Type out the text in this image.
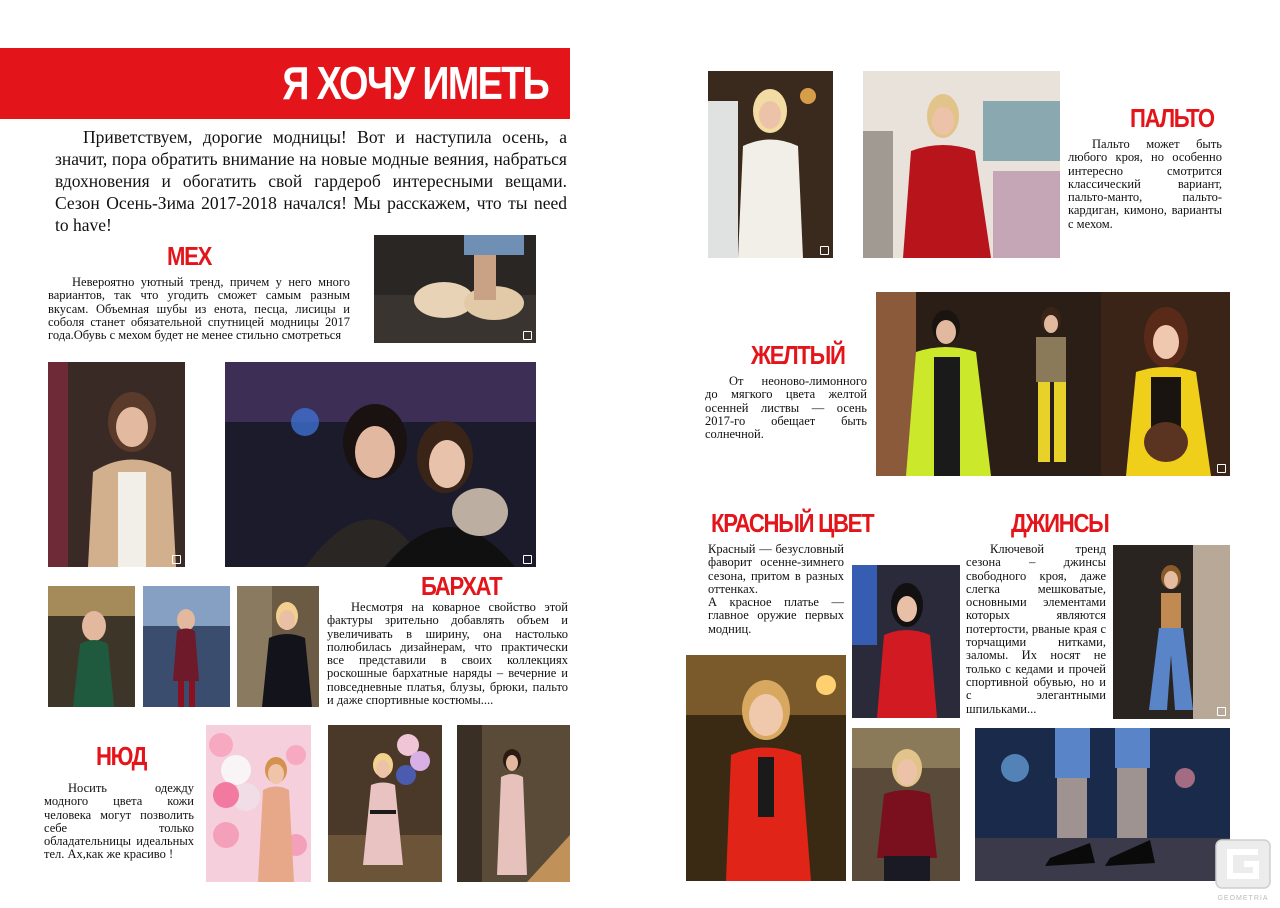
Я ХОЧУ ИМЕТЬ

Приветствуем, дорогие модницы! Вот и наступила осень, а значит, пора обратить внимание на новые модные веяния, набраться вдохновения и обогатить свой гардероб интересными вещами. Сезон Осень-Зима 2017-2018 начался! Мы расскажем, что ты need to have!

МЕХ

Невероятно уютный тренд, причем у него много вариантов, так что угодить сможет самым разным вкусам. Объемная шубы из енота, песца, лисицы и соболя станет обязательной спутницей модницы 2017 года.Обувь с мехом будет не менее стильно смотреться

БАРХАТ

Несмотря на коварное свойство этой фактуры зрительно добавлять объем и увеличивать в ширину, она настолько полюбилась дизайнерам, что практически все представили в своих коллекциях роскошные бархатные наряды – вечерние и повседневные платья, блузы, брюки, пальто и даже спортивные костюмы....

НЮД

Носить одежду модного цвета кожи человека могут позволить себе только обладательницы идеальных тел. Ах,как же красиво !

ПАЛЬТО

Пальто может быть любого кроя, но особенно интересно смотрится классический вариант, пальто-манто, пальто-кардиган, кимоно, варианты с мехом.

ЖЕЛТЫЙ

От неоново-лимонного до мягкого цвета желтой осенней листвы — осень 2017-го обещает быть солнечной.

КРАСНЫЙ ЦВЕТ

Красный — безусловный фаворит осенне-зимнего сезона, притом в разных оттенках.
А красное платье — главное оружие первых модниц.

ДЖИНСЫ

Ключевой тренд сезона – джинсы свободного кроя, даже слегка мешковатые, основными элементами которых являются потертости, рваные края с торчащими нитками, заломы. Их носят не только с кедами и прочей спортивной обувью, но и с элегантными шпильками...

GEOMETRIA
